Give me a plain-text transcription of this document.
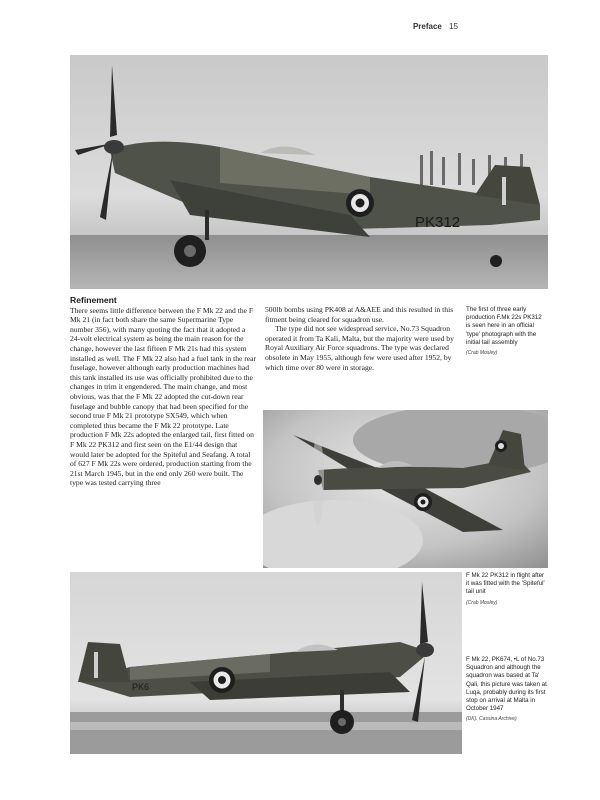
Preface 15
PK312

Refinement

There seems little difference between the F Mk 22 and the F Mk 21 (in fact both share the same Supermarine Type number 356), with many quoting the fact that it adopted a 24-volt electrical system as being the main reason for the change, however the last fifteen F Mk 21s had this system installed as well. The F Mk 22 also had a fuel tank in the rear fuselage, however although early production machines had this tank installed its use was officially prohibited due to the changes in trim it engendered. The main change, and most obvious, was that the F Mk 22 adopted the cut-down rear fuselage and bubble canopy that had been specified for the second true F Mk 21 prototype SX549, which when completed thus became the F Mk 22 prototype. Late production F Mk 22s adopted the enlarged tail, first fitted on F Mk 22 PK312 and first seen on the E1/44 design that would later be adopted for the Spiteful and Seafang. A total of 627 F Mk 22s were ordered, production starting from the 21st March 1945, but in the end only 260 were built. The type was tested carrying three

500lb bombs using PK408 at A&AEE and this resulted in this fitment being cleared for squadron use.

The type did not see widespread service, No.73 Squadron operated it from Ta Kali, Malta, but the majority were used by Royal Auxiliary Air Force squadrons. The type was declared obsolete in May 1955, although few were used after 1952, by which time over 80 were in storage.

The first of three early production F.Mk 22s PK312 is seen here in an official 'type' photograph with the initial tail assembly
(Crab Mosley)
F Mk 22 PK312 in flight after it was fitted with the 'Spiteful' tail unit
(Crab Mosley)
PK6
F Mk 22, PK674, •L of No.73 Squadron and although the squadron was based at Ta' Qali, this picture was taken at Luqa, probably during its first stop on arrival at Malta in October 1947
(DK). Cassina Archive)
